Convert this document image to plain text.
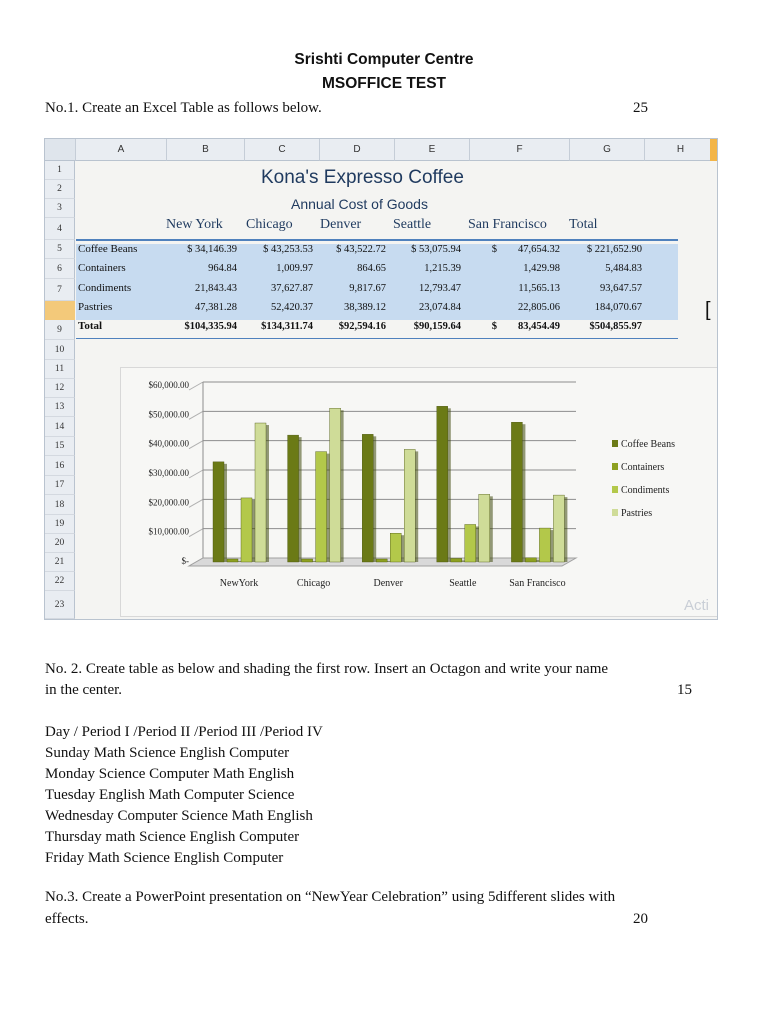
Srishti Computer Centre
MSOFFICE TEST
No.1. Create an Excel Table as follows below.	25
A	B	C	D	E	F	G	H
1
2
3
4
5
6
7
9
10
11
12
13
14
15
16
17
18
19
20
21
22
23
Kona's Expresso Coffee
Annual Cost of Goods
New York Chicago Denver Seattle	San Francisco Total
Coffee Beans	$ 34,146.39	$ 43,253.53	$ 43,522.72	$ 53,075.94	$        47,654.32	$ 221,652.90
Containers	964.84	1,009.97	864.65	1,215.39	1,429.98	5,484.83
Condiments	21,843.43	37,627.87	9,817.67	12,793.47	11,565.13	93,647.57
Pastries	47,381.28	52,420.37	38,389.12	23,074.84	22,805.06	184,070.67
Total	$104,335.94	$134,311.74	$92,594.16	$90,159.64	$        83,454.49	$504,855.97
$-
$10,000.00
$20,000.00
$30,000.00
$40,000.00
$50,000.00
$60,000.00
NewYork	Chicago	Denver	Seattle	San Francisco
Coffee Beans
Containers
Condiments
Pastries
Acti
[
No. 2. Create table as below and shading the first row. Insert an Octagon and write your name
in the center.	15
Day / Period I /Period II /Period III /Period IV
Sunday Math Science English Computer
Monday Science Computer Math English
Tuesday English Math Computer Science
Wednesday Computer Science Math English
Thursday math Science English Computer
Friday Math Science English Computer
No.3. Create a PowerPoint presentation on “NewYear Celebration” using 5different slides with
effects.	20
